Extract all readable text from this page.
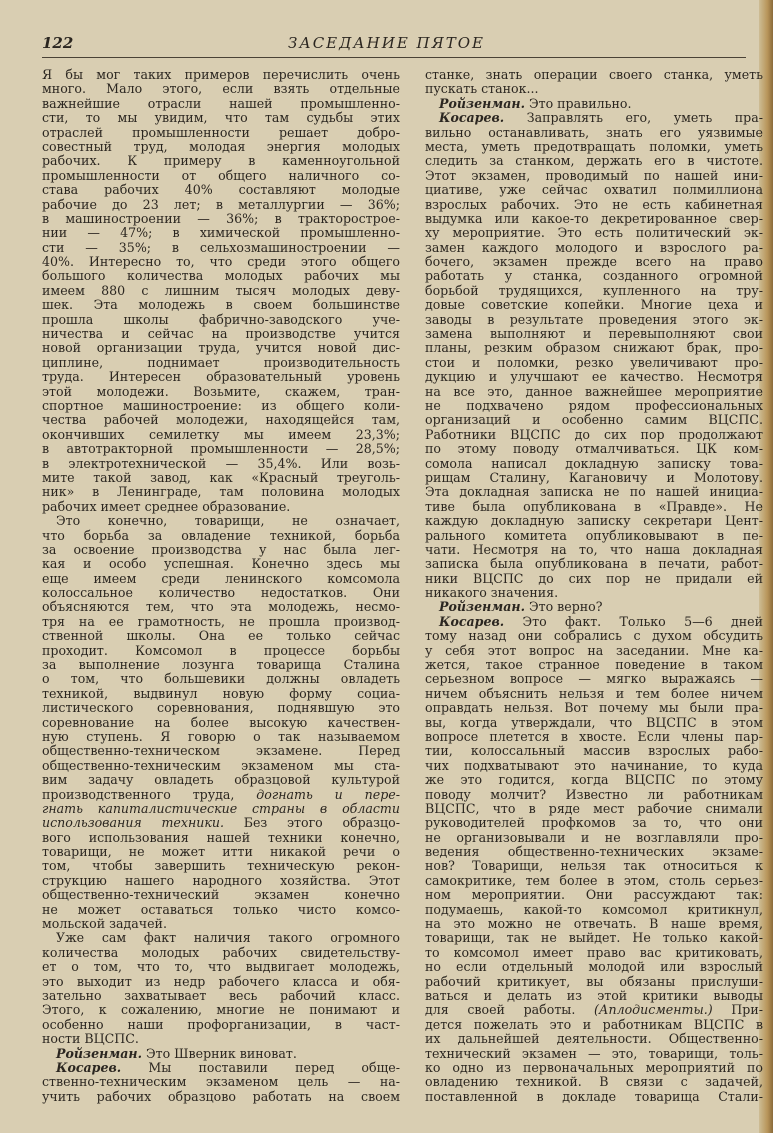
122	ЗАСЕДАНИЕ ПЯТОЕ
Я бы мог таких примеров перечислить очень
много. Мало этого, если взять отдельные
важнейшие отрасли нашей промышленно-
сти, то мы увидим, что там судьбы этих
отраслей промышленности решает добро-
совестный труд, молодая энергия молодых
рабочих. К примеру в каменноугольной
промышленности от общего наличного со-
става рабочих 40% составляют молодые
рабочие до 23 лет; в металлургии — 36%;
в машиностроении — 36%; в тракторострое-
нии — 47%; в химической промышленно-
сти — 35%; в сельхозмашиностроении —
40%. Интересно то, что среди этого общего
большого количества молодых рабочих мы
имеем 880 с лишним тысяч молодых деву-
шек. Эта молодежь в своем большинстве
прошла школы фабрично-заводского уче-
ничества и сейчас на производстве учится
новой организации труда, учится новой дис-
циплине, поднимает производительность
труда. Интересен образовательный уровень
этой молодежи. Возьмите, скажем, тран-
спортное машиностроение: из общего коли-
чества рабочей молодежи, находящейся там,
окончивших семилетку мы имеем 23,3%;
в автотракторной промышленности — 28,5%;
в электротехнической — 35,4%. Или возь-
мите такой завод, как «Красный треуголь-
ник» в Ленинграде, там половина молодых
рабочих имеет среднее образование.
Это конечно, товарищи, не означает,
что борьба за овладение техникой, борьба
за освоение производства у нас была лег-
кая и особо успешная. Конечно здесь мы
еще имеем среди ленинского комсомола
колоссальное количество недостатков. Они
объясняются тем, что эта молодежь, несмо-
тря на ее грамотность, не прошла производ-
ственной школы. Она ее только сейчас
проходит. Комсомол в процессе борьбы
за выполнение лозунга товарища Сталина
о том, что большевики должны овладеть
техникой, выдвинул новую форму социа-
листического соревнования, поднявшую это
соревнование на более высокую качествен-
ную ступень. Я говорю о так называемом
общественно-техническом экзамене. Перед
общественно-техническим экзаменом мы ста-
вим задачу овладеть образцовой культурой
производственного труда, догнать и пере-
гнать капиталистические страны в области
использования техники. Без этого образцо-
вого использования нашей техники конечно,
товарищи, не может итти никакой речи о
том, чтобы завершить техническую рекон-
струкцию нашего народного хозяйства. Этот
общественно-технический экзамен конечно
не может оставаться только чисто комсо-
мольской задачей.
Уже сам факт наличия такого огромного
количества молодых рабочих свидетельству-
ет о том, что то, что выдвигает молодежь,
это выходит из недр рабочего класса и обя-
зательно захватывает весь рабочий класс.
Этого, к сожалению, многие не понимают и
особенно наши профорганизации, в част-
ности ВЦСПС.
Ройзенман. Это Шверник виноват.
Косарев. Мы поставили перед обще-
ственно-техническим экзаменом цель — на-
учить рабочих образцово работать на своем
станке, знать операции своего станка, уметь
пускать станок...
Ройзенман. Это правильно.
Косарев. Заправлять его, уметь пра-
вильно останавливать, знать его уязвимые
места, уметь предотвращать поломки, уметь
следить за станком, держать его в чистоте.
Этот экзамен, проводимый по нашей ини-
циативе, уже сейчас охватил полмиллиона
взрослых рабочих. Это не есть кабинетная
выдумка или какое-то декретированное свер-
ху мероприятие. Это есть политический эк-
замен каждого молодого и взрослого ра-
бочего, экзамен прежде всего на право
работать у станка, созданного огромной
борьбой трудящихся, купленного на тру-
довые советские копейки. Многие цеха и
заводы в результате проведения этого эк-
замена выполняют и перевыполняют свои
планы, резким образом снижают брак, про-
стои и поломки, резко увеличивают про-
дукцию и улучшают ее качество. Несмотря
на все это, данное важнейшее мероприятие
не подхвачено рядом профессиональных
организаций и особенно самим ВЦСПС.
Работники ВЦСПС до сих пор продолжают
по этому поводу отмалчиваться. ЦК ком-
сомола написал докладную записку това-
рищам Сталину, Кагановичу и Молотову.
Эта докладная записка не по нашей инициа-
тиве была опубликована в «Правде». Не
каждую докладную записку секретари Цент-
рального комитета опубликовывают в пе-
чати. Несмотря на то, что наша докладная
записка была опубликована в печати, работ-
ники ВЦСПС до сих пор не придали ей
никакого значения.
Ройзенман. Это верно?
Косарев. Это факт. Только 5—6 дней
тому назад они собрались с духом обсудить
у себя этот вопрос на заседании. Мне ка-
жется, такое странное поведение в таком
серьезном вопросе — мягко выражаясь —
ничем объяснить нельзя и тем более ничем
оправдать нельзя. Вот почему мы были пра-
вы, когда утверждали, что ВЦСПС в этом
вопросе плетется в хвосте. Если члены пар-
тии, колоссальный массив взрослых рабо-
чих подхватывают это начинание, то куда
же это годится, когда ВЦСПС по этому
поводу молчит? Известно ли работникам
ВЦСПС, что в ряде мест рабочие снимали
руководителей профкомов за то, что они
не организовывали и не возглавляли про-
ведения общественно-технических экзаме-
нов? Товарищи, нельзя так относиться к
самокритике, тем более в этом, столь серьез-
ном мероприятии. Они рассуждают так:
подумаешь, какой-то комсомол критикнул,
на это можно не отвечать. В наше время,
товарищи, так не выйдет. Не только какой-
то комсомол имеет право вас критиковать,
но если отдельный молодой или взрослый
рабочий критикует, вы обязаны прислуши-
ваться и делать из этой критики выводы
для своей работы. (Аплодисменты.) При-
дется пожелать это и работникам ВЦСПС в
их дальнейшей деятельности. Общественно-
технический экзамен — это, товарищи, толь-
ко одно из первоначальных мероприятий по
овладению техникой. В связи с задачей,
поставленной в докладе товарища Стали-
